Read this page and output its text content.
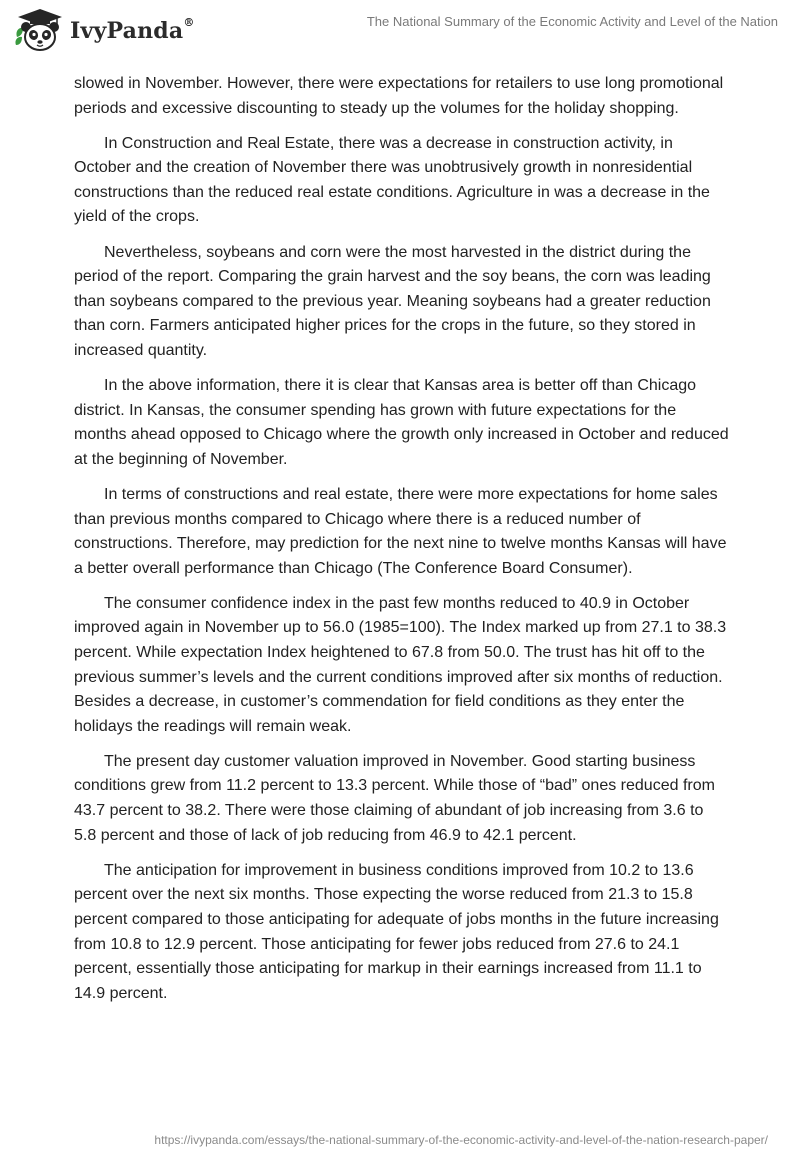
IvyPanda®	The National Summary of the Economic Activity and Level of the Nation

slowed in November. However, there were expectations for retailers to use long promotional periods and excessive discounting to steady up the volumes for the holiday shopping.

In Construction and Real Estate, there was a decrease in construction activity, in October and the creation of November there was unobtrusively growth in nonresidential constructions than the reduced real estate conditions. Agriculture in was a decrease in the yield of the crops.

Nevertheless, soybeans and corn were the most harvested in the district during the period of the report. Comparing the grain harvest and the soy beans, the corn was leading than soybeans compared to the previous year. Meaning soybeans had a greater reduction than corn. Farmers anticipated higher prices for the crops in the future, so they stored in increased quantity.

In the above information, there it is clear that Kansas area is better off than Chicago district. In Kansas, the consumer spending has grown with future expectations for the months ahead opposed to Chicago where the growth only increased in October and reduced at the beginning of November.

In terms of constructions and real estate, there were more expectations for home sales than previous months compared to Chicago where there is a reduced number of constructions. Therefore, may prediction for the next nine to twelve months Kansas will have a better overall performance than Chicago (The Conference Board Consumer).

The consumer confidence index in the past few months reduced to 40.9 in October improved again in November up to 56.0 (1985=100). The Index marked up from 27.1 to 38.3 percent. While expectation Index heightened to 67.8 from 50.0. The trust has hit off to the previous summer’s levels and the current conditions improved after six months of reduction. Besides a decrease, in customer’s commendation for field conditions as they enter the holidays the readings will remain weak.

The present day customer valuation improved in November. Good starting business conditions grew from 11.2 percent to 13.3 percent. While those of “bad” ones reduced from 43.7 percent to 38.2. There were those claiming of abundant of job increasing from 3.6 to 5.8 percent and those of lack of job reducing from 46.9 to 42.1 percent.

The anticipation for improvement in business conditions improved from 10.2 to 13.6 percent over the next six months. Those expecting the worse reduced from 21.3 to 15.8 percent compared to those anticipating for adequate of jobs months in the future increasing from 10.8 to 12.9 percent. Those anticipating for fewer jobs reduced from 27.6 to 24.1 percent, essentially those anticipating for markup in their earnings increased from 11.1 to 14.9 percent.

https://ivypanda.com/essays/the-national-summary-of-the-economic-activity-and-level-of-the-nation-research-paper/
